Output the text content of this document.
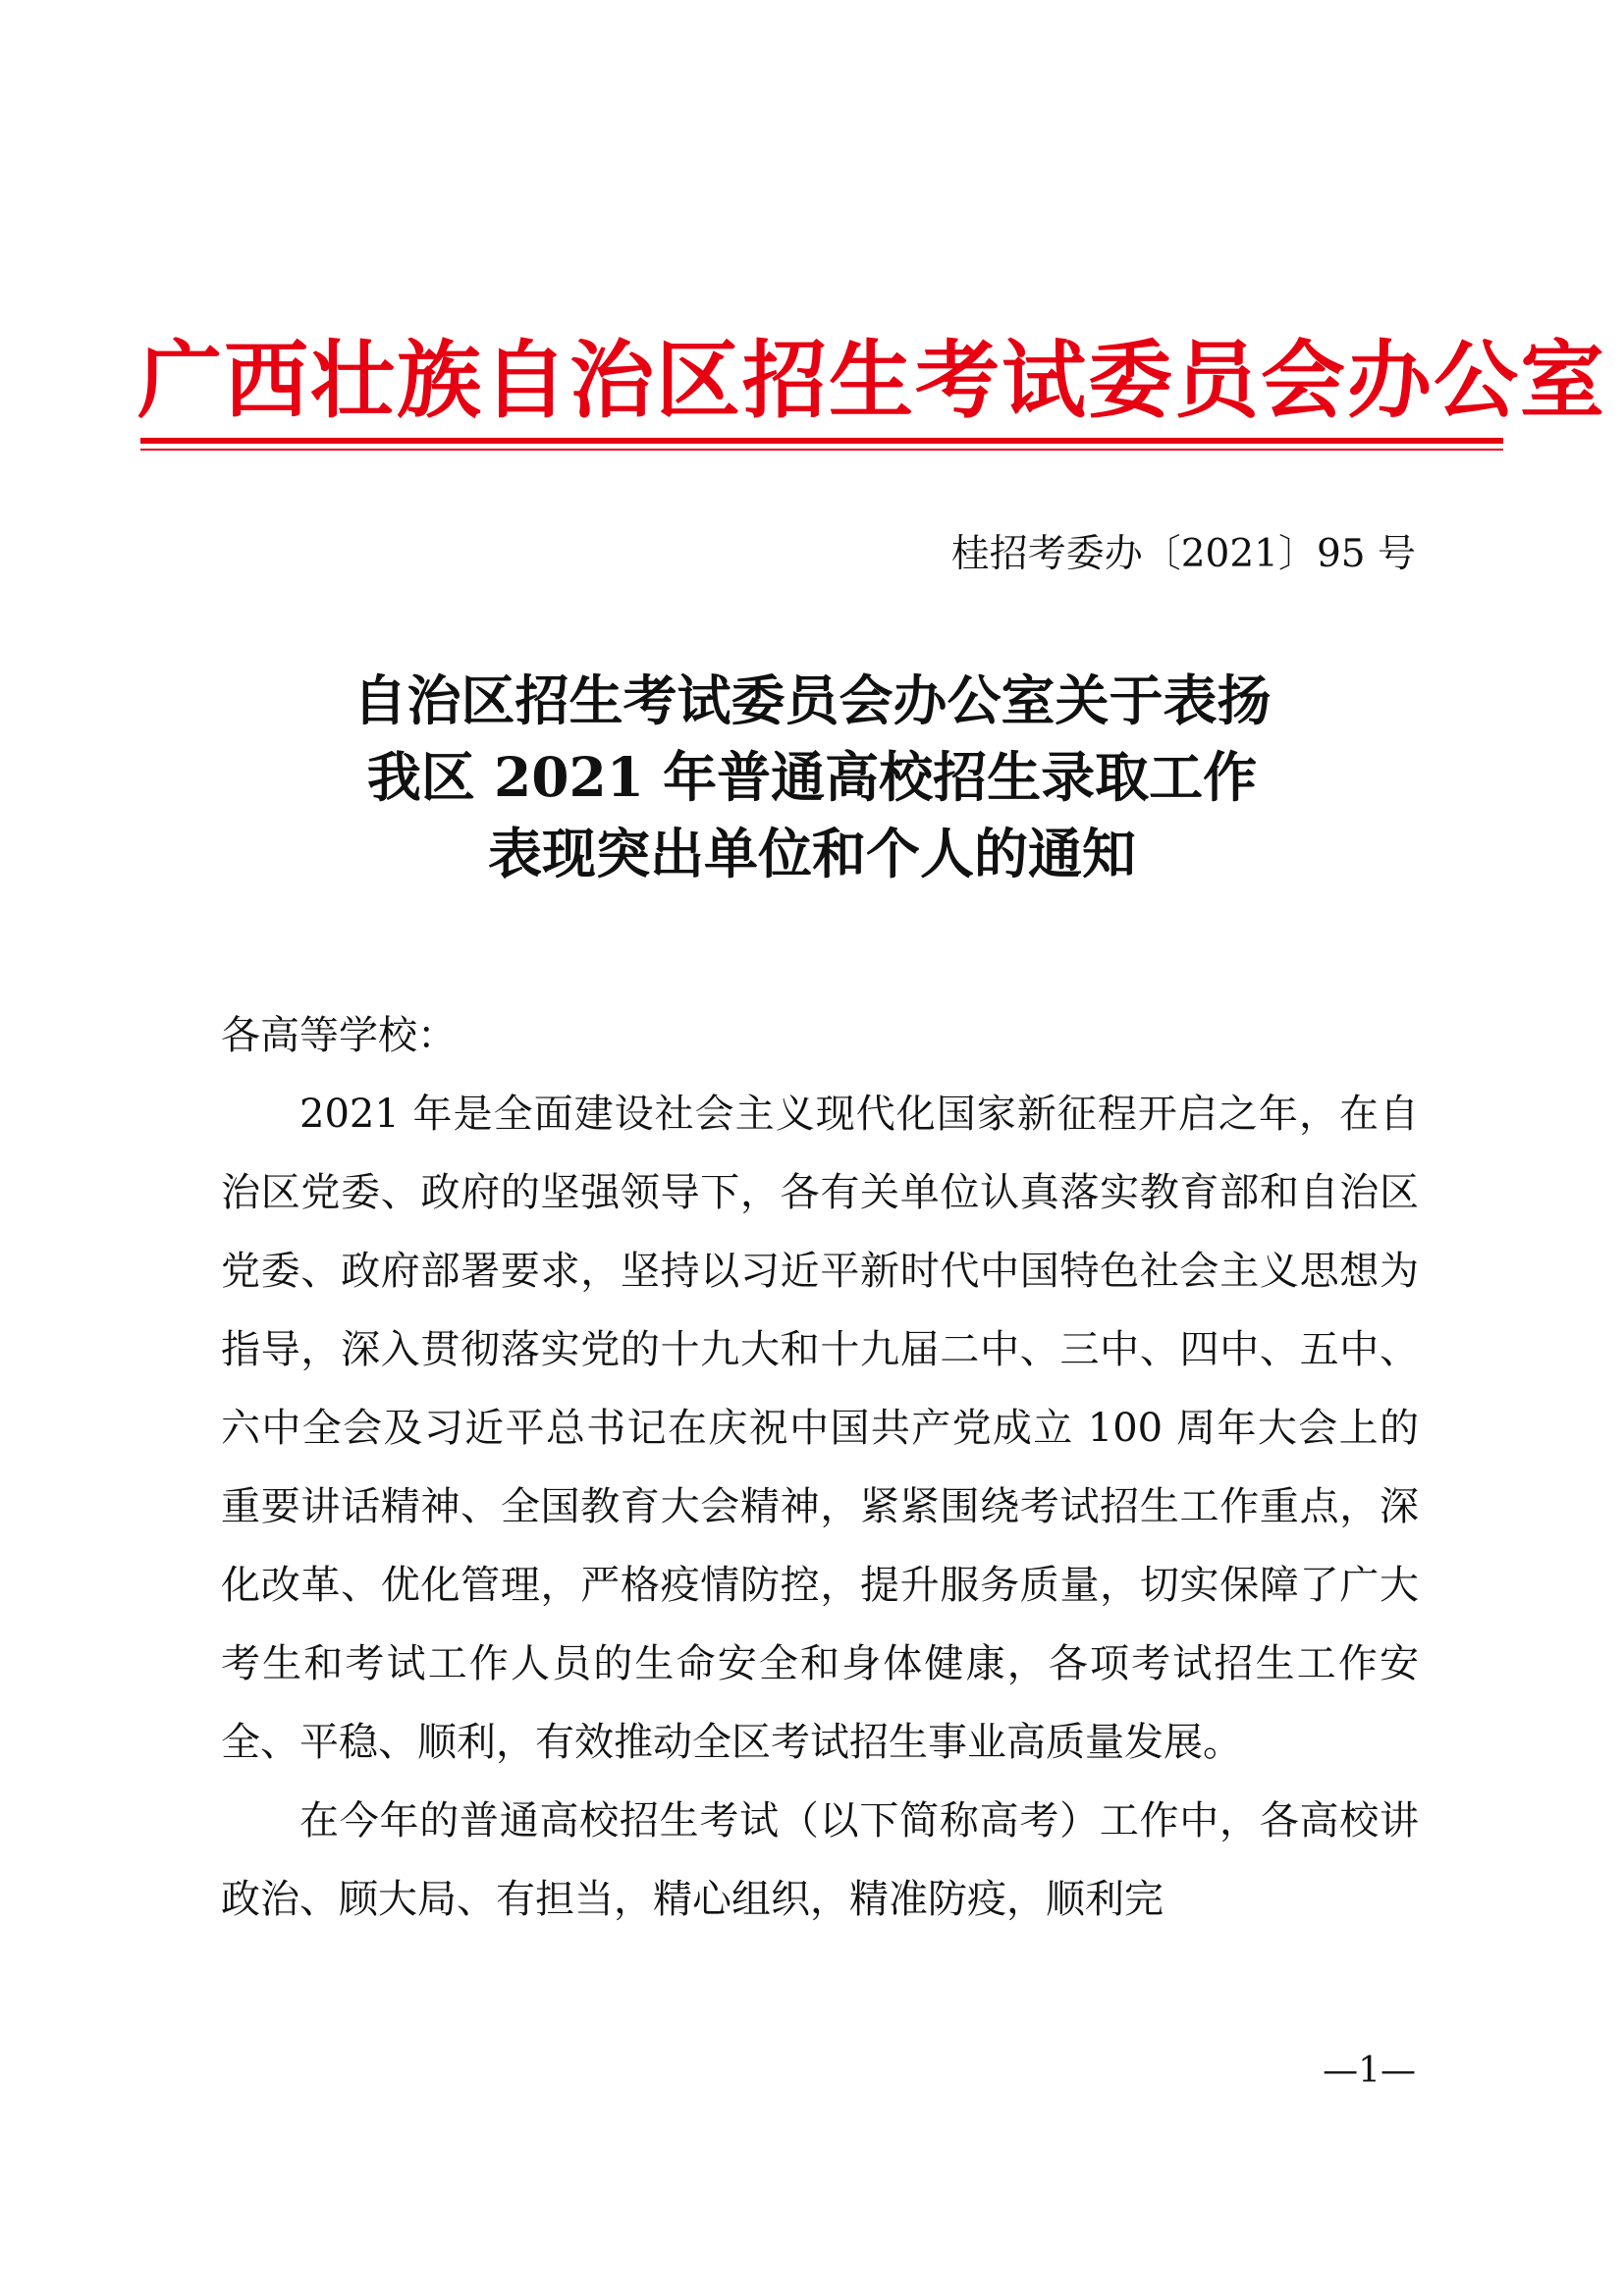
广西壮族自治区招生考试委员会办公室
桂招考委办〔2021〕95 号
自治区招生考试委员会办公室关于表扬
我区 2021 年普通高校招生录取工作
表现突出单位和个人的通知

各高等学校：

2021 年是全面建设社会主义现代化国家新征程开启之年，在自治区党委、政府的坚强领导下，各有关单位认真落实教育部和自治区党委、政府部署要求，坚持以习近平新时代中国特色社会主义思想为指导，深入贯彻落实党的十九大和十九届二中、三中、四中、五中、六中全会及习近平总书记在庆祝中国共产党成立 100 周年大会上的重要讲话精神、全国教育大会精神，紧紧围绕考试招生工作重点，深化改革、优化管理，严格疫情防控，提升服务质量，切实保障了广大考生和考试工作人员的生命安全和身体健康，各项考试招生工作安全、平稳、顺利，有效推动全区考试招生事业高质量发展。

在今年的普通高校招生考试（以下简称高考）工作中，各高校讲政治、顾大局、有担当，精心组织，精准防疫，顺利完

—1—
